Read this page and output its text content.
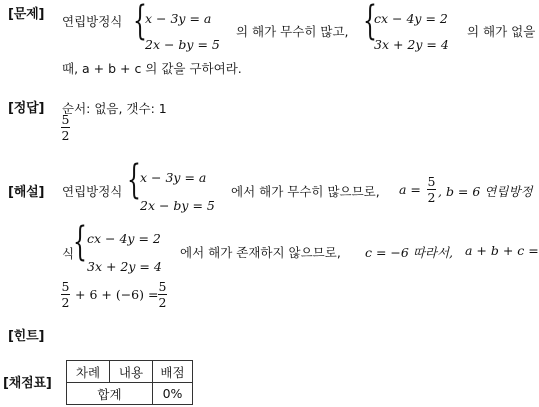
[문제] 연립방정식 {
x − 3y = a
2x − by = 5
의 해가 무수히 많고, {
cx − 4y = 2
3x + 2y = 4
의 해가 없을
때, a + b + c 의 값을 구하여라.
[정답] 순서: 없음, 갯수: 1
5
2
[해설] 연립방정식 { x − 3y = a
2x − by = 5
에서 해가 무수히 많으므로, a =
5
2 , b = 6 연립방정
식
{ cx − 4y = 2
3x + 2y = 4
에서 해가 존재하지 않으므로, c = −6 따라서, a + b + c =
5
2
+ 6 + (−6) =
5
2
[힌트]
[채점표]
차례	내용	배점
합계		0%
